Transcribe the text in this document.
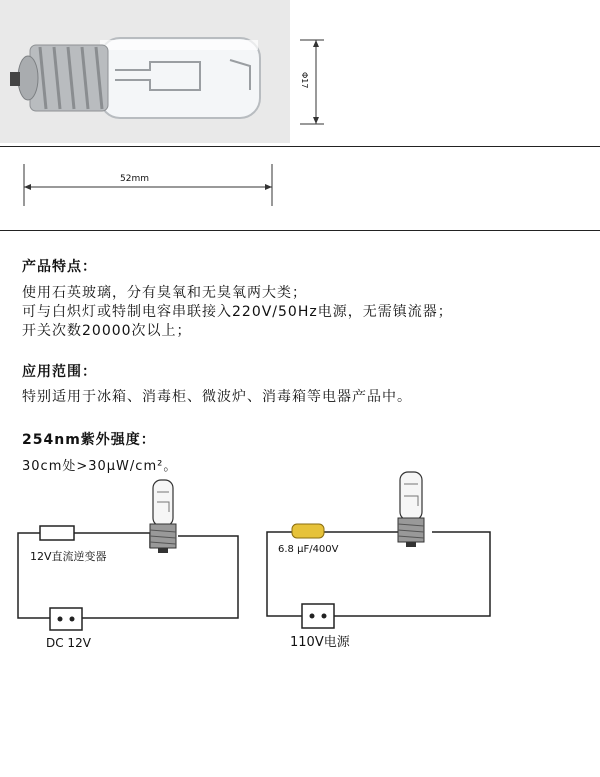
Φ17
52mm
产品特点：
使用石英玻璃，分有臭氧和无臭氧两大类；
可与白炽灯或特制电容串联接入220V/50Hz电源，无需镇流器；
开关次数20000次以上；
应用范围：
特别适用于冰箱、消毒柜、微波炉、消毒箱等电器产品中。
254nm紫外强度：
30cm处>30μW/cm²。
12V直流逆变器
DC 12V
6.8 μF/400V
110V电源
